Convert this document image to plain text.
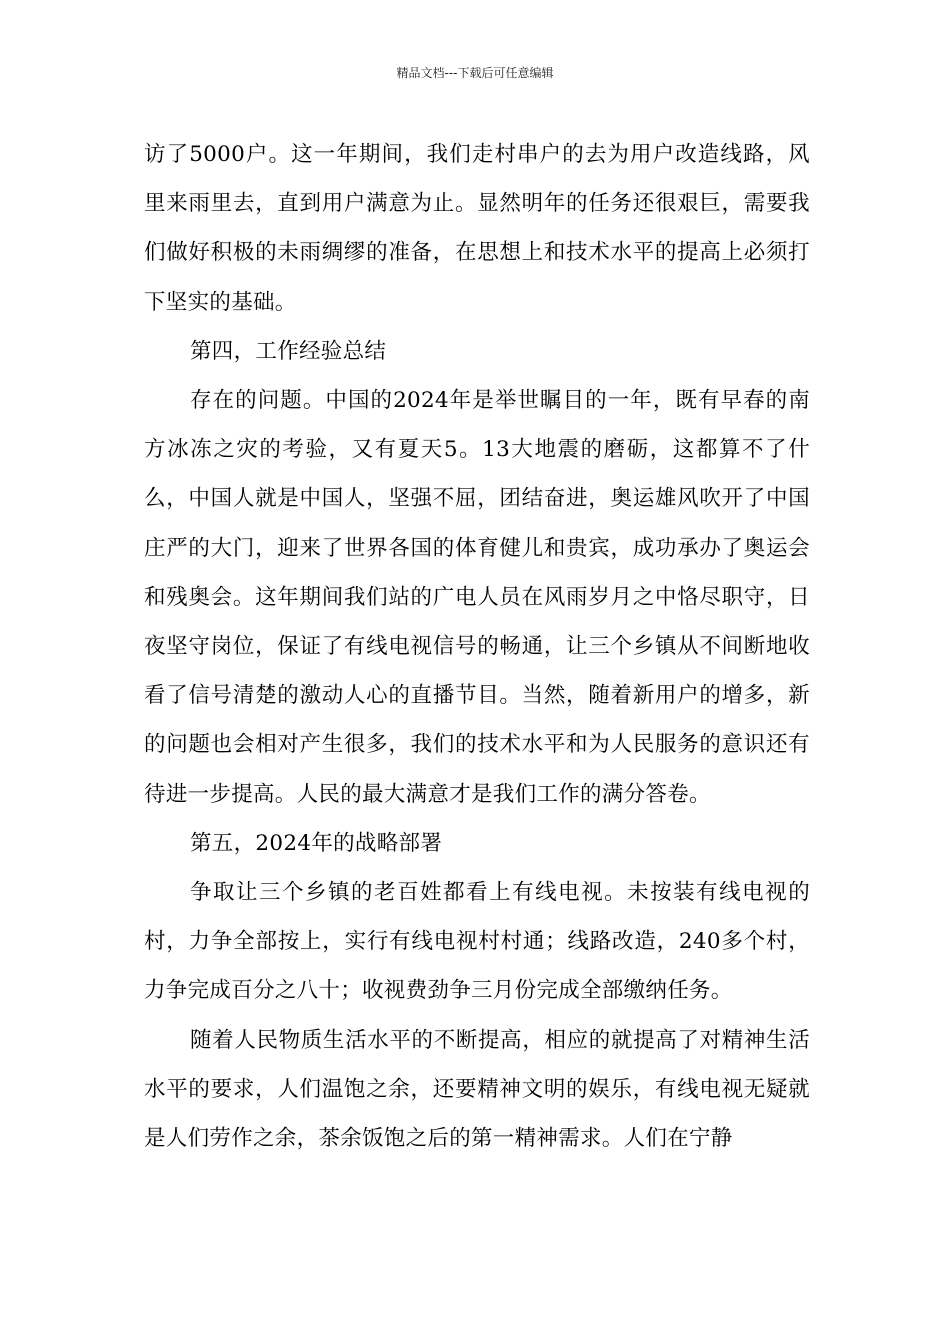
精品文档---下载后可任意编辑

访了5000户。这一年期间，我们走村串户的去为用户改造线路，风里来雨里去，直到用户满意为止。显然明年的任务还很艰巨，需要我们做好积极的未雨绸缪的准备，在思想上和技术水平的提高上必须打下坚实的基础。

第四，工作经验总结

存在的问题。中国的2024年是举世瞩目的一年，既有早春的南方冰冻之灾的考验，又有夏天5。13大地震的磨砺，这都算不了什么，中国人就是中国人，坚强不屈，团结奋进，奥运雄风吹开了中国庄严的大门，迎来了世界各国的体育健儿和贵宾，成功承办了奥运会和残奥会。这年期间我们站的广电人员在风雨岁月之中恪尽职守，日夜坚守岗位，保证了有线电视信号的畅通，让三个乡镇从不间断地收看了信号清楚的激动人心的直播节目。当然，随着新用户的增多，新的问题也会相对产生很多，我们的技术水平和为人民服务的意识还有待进一步提高。人民的最大满意才是我们工作的满分答卷。

第五，2024年的战略部署

争取让三个乡镇的老百姓都看上有线电视。未按装有线电视的村，力争全部按上，实行有线电视村村通；线路改造，240多个村，力争完成百分之八十；收视费劲争三月份完成全部缴纳任务。

随着人民物质生活水平的不断提高，相应的就提高了对精神生活水平的要求，人们温饱之余，还要精神文明的娱乐，有线电视无疑就是人们劳作之余，茶余饭饱之后的第一精神需求。人们在宁静
